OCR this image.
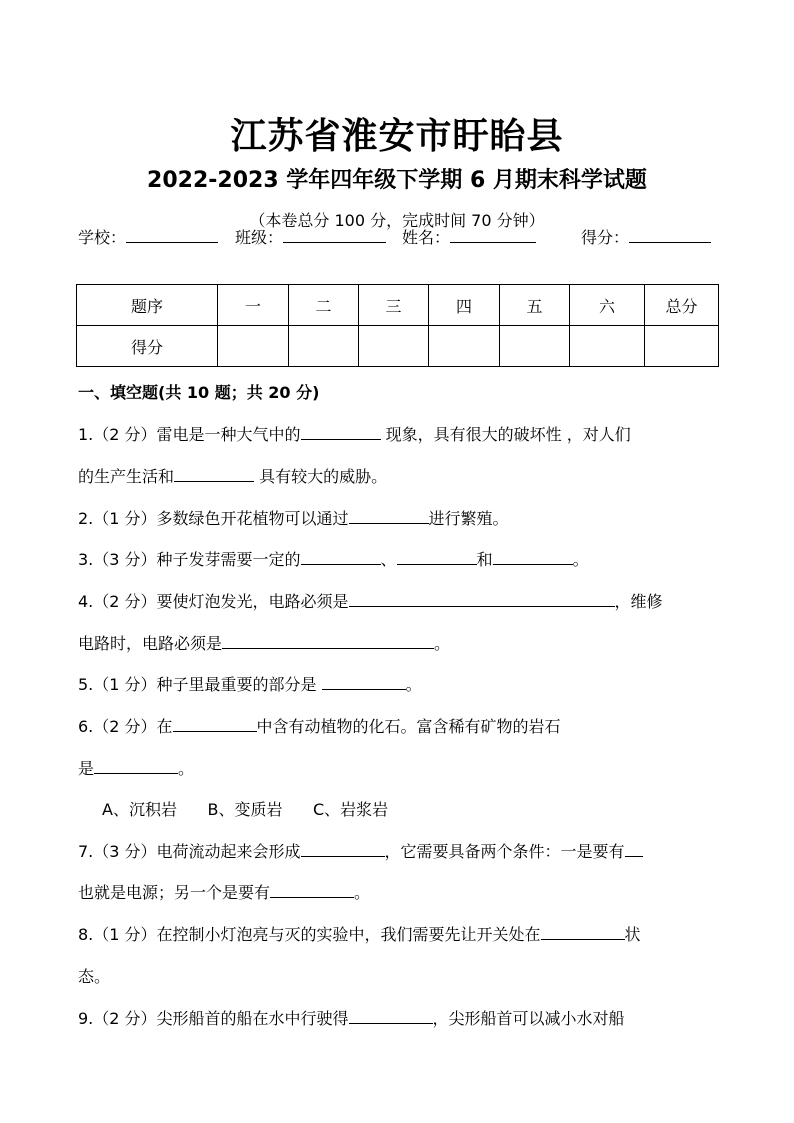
江苏省淮安市盱眙县
2022-2023 学年四年级下学期 6 月期末科学试题
（本卷总分 100 分，完成时间 70 分钟）
学校：	班级：	姓名：	得分：
题序	一	二	三	四	五	六	总分
得分							
一、填空题(共 10 题；共 20 分)
1.（2 分）雷电是一种大气中的	现象，具有很大的破坏性 ，对人们
的生产生活和	具有较大的威胁。
2.（1 分）多数绿色开花植物可以通过	进行繁殖。
3.（3 分）种子发芽需要一定的	、	和	。
4.（2 分）要使灯泡发光，电路必须是	，维修
电路时，电路必须是	。
5.（1 分）种子里最重要的部分是	。
6.（2 分）在	中含有动植物的化石。富含稀有矿物的岩石
是	。
A、沉积岩      B、变质岩      C、岩浆岩
7.（3 分）电荷流动起来会形成	，它需要具备两个条件：一是要有
也就是电源；另一个是要有	。
8.（1 分）在控制小灯泡亮与灭的实验中，我们需要先让开关处在	状
态。
9.（2 分）尖形船首的船在水中行驶得	，尖形船首可以减小水对船
